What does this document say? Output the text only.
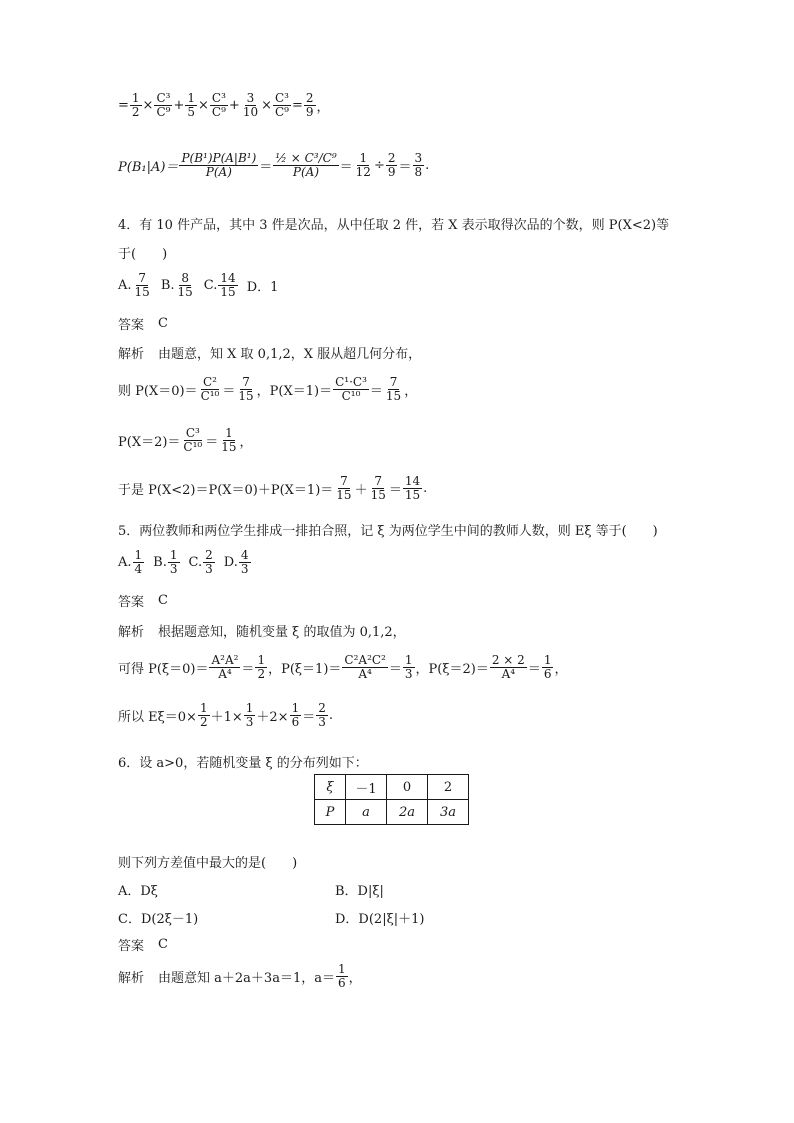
= $\frac{1}{2} \times \frac{\text{C³}}{\text{C⁹}} + \frac{1}{5} \times \frac{\text{C³}}{\text{C⁹}} + \frac{3}{10} \times \frac{\text{C³}}{\text{C⁹}} = \frac{2}{9}$ ，
$P(B_1|A)= \frac{\text{P(B¹)P(A|B¹)}}{P(A)} = \frac{\text{½ × C³/C⁹}}{P(A)} = \frac{1}{12} \div \frac{2}{9} = \frac{3}{8}$ .
4．有 10 件产品，其中 3 件是次品，从中任取 2 件，若 X 表示取得次品的个数，则 P(X<2)等
于(　　)
A. $\frac{7}{15} B$. $\frac{8}{15} C$. $\frac{14}{15}$ D．1
答案 C
解析 由题意，知 X 取 0,1,2，X 服从超几何分布，
则 $P(X=0)= \frac{\text{C²}}{\text{C¹⁰}} = \frac{7}{15}$ ，$P(X=1)= \frac{\text{C¹·C³}}{\text{C¹⁰}} = \frac{7}{15}$ ，
$P(X=2)= \frac{\text{C³}}{\text{C¹⁰}} = \frac{1}{15}$ ，
于是 $P(X<2)=P(X=0)+P(X=1)= \frac{7}{15} + \frac{7}{15} = \frac{14}{15}$ .
5．两位教师和两位学生排成一排拍合照，记 ξ 为两位学生中间的教师人数，则 Eξ 等于(　　)
A. $\frac{1}{4} B$. $\frac{1}{3} C$. $\frac{2}{3} D$. $\frac{4}{3}$
答案 C
解析 根据题意知，随机变量 ξ 的取值为 0,1,2，
可得 $P(\xi=0)= \frac{\text{A²A²}}{\text{A⁴}} = \frac{1}{2}$ ，$P(\xi=1)= \frac{\text{C²A²C²}}{\text{A⁴}} = \frac{1}{3}$ ，$P(\xi=2)= \frac{2 \times 2}{\text{A⁴}} = \frac{1}{6}$ ，
所以 $E\xi=0\times \frac{1}{2} +1\times \frac{1}{3} +2\times \frac{1}{6} = \frac{2}{3}$ .
6．设 a>0，若随机变量 ξ 的分布列如下：
ξ	－1	0	2
P	a	2a	3a
则下列方差值中最大的是(　　)
A．Dξ	B．D|ξ|
C．D(2ξ－1)	D．D(2|ξ|＋1)
答案 C
解析 由题意知 a＋2a＋3a＝1，$a= \frac{1}{6}$ ，
